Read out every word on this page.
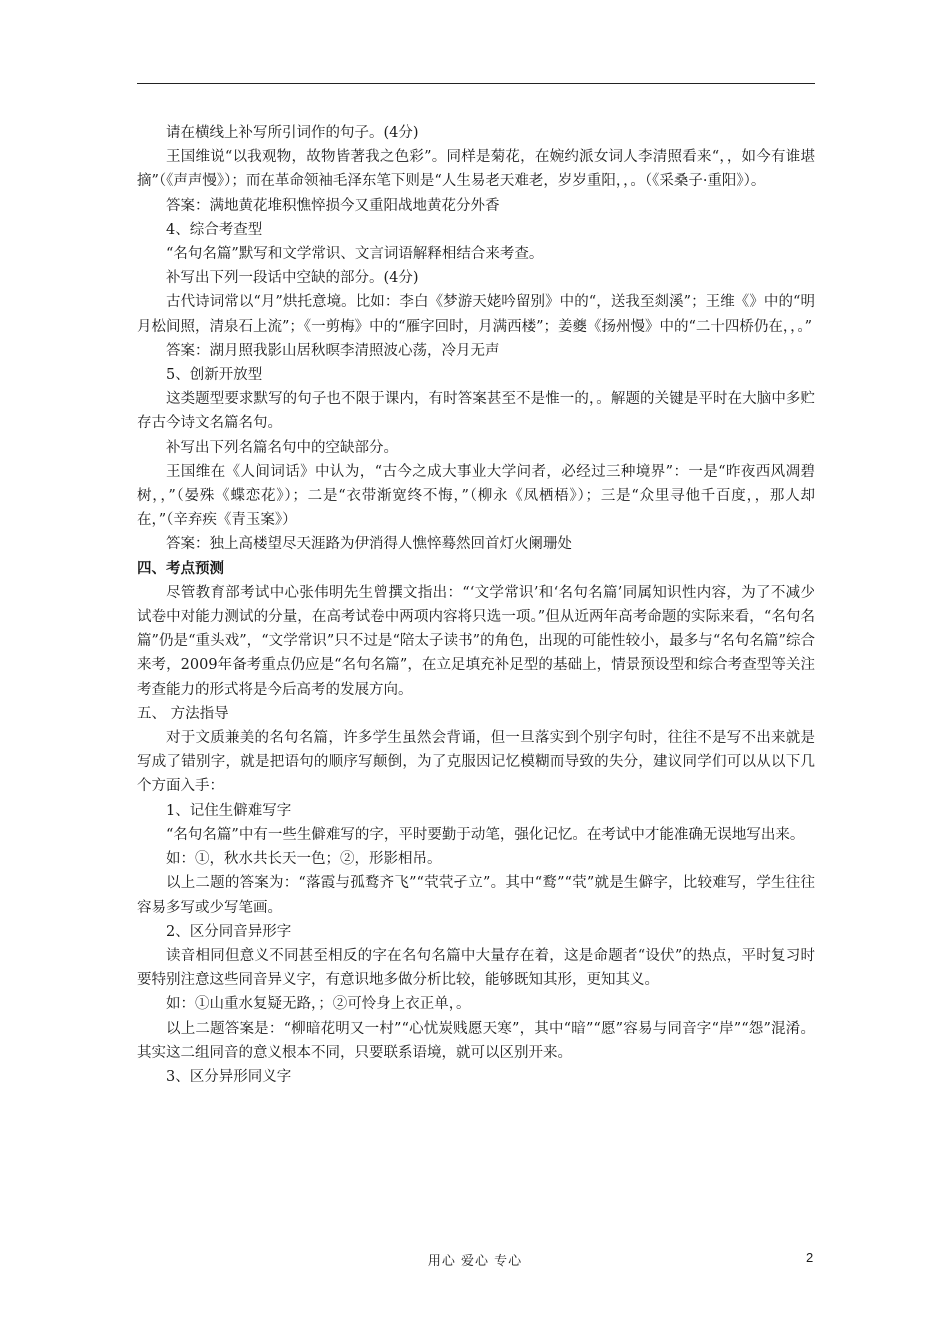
请在横线上补写所引词作的句子。(4分)

王国维说“以我观物，故物皆著我之色彩”。同样是菊花，在婉约派女词人李清照看来“，，如今有谁堪摘”（《声声慢》）；而在革命领袖毛泽东笔下则是“人生易老天难老，岁岁重阳，，。（《采桑子·重阳》）。

答案：满地黄花堆积憔悴损今又重阳战地黄花分外香

4、综合考查型

“名句名篇”默写和文学常识、文言词语解释相结合来考查。

补写出下列一段话中空缺的部分。(4分)

古代诗词常以“月”烘托意境。比如：李白《梦游天姥吟留别》中的“，送我至剡溪”；王维《》中的“明月松间照，清泉石上流”；《一剪梅》中的“雁字回时，月满西楼”；姜夔《扬州慢》中的“二十四桥仍在，，。”

答案：湖月照我影山居秋暝李清照波心荡，冷月无声

5、创新开放型

这类题型要求默写的句子也不限于课内，有时答案甚至不是惟一的，。解题的关键是平时在大脑中多贮存古今诗文名篇名句。

补写出下列名篇名句中的空缺部分。

王国维在《人间词话》中认为，“古今之成大事业大学问者，必经过三种境界”：一是“昨夜西风凋碧树，，”（晏殊《蝶恋花》）；二是“衣带渐宽终不悔，”（柳永《凤栖梧》）；三是“众里寻他千百度，，那人却在，”（辛弃疾《青玉案》）

答案：独上高楼望尽天涯路为伊消得人憔悴蓦然回首灯火阑珊处

四、考点预测

尽管教育部考试中心张伟明先生曾撰文指出：“‘文学常识’和‘名句名篇’同属知识性内容，为了不减少试卷中对能力测试的分量，在高考试卷中两项内容将只选一项。”但从近两年高考命题的实际来看，“名句名篇”仍是“重头戏”，“文学常识”只不过是“陪太子读书”的角色，出现的可能性较小，最多与“名句名篇”综合来考，2009年备考重点仍应是“名句名篇”，在立足填充补足型的基础上，情景预设型和综合考查型等关注考查能力的形式将是今后高考的发展方向。

五、 方法指导

对于文质兼美的名句名篇，许多学生虽然会背诵，但一旦落实到个别字句时，往往不是写不出来就是写成了错别字，就是把语句的顺序写颠倒，为了克服因记忆模糊而导致的失分，建议同学们可以从以下几个方面入手：

1、记住生僻难写字

“名句名篇”中有一些生僻难写的字，平时要勤于动笔，强化记忆。在考试中才能准确无误地写出来。

如：①，秋水共长天一色；②，形影相吊。

以上二题的答案为：“落霞与孤鹜齐飞”“茕茕孑立”。其中“鹜”“茕”就是生僻字，比较难写，学生往往容易多写或少写笔画。

2、区分同音异形字

读音相同但意义不同甚至相反的字在名句名篇中大量存在着，这是命题者“设伏”的热点，平时复习时要特别注意这些同音异义字，有意识地多做分析比较，能够既知其形，更知其义。

如：①山重水复疑无路，；②可怜身上衣正单，。

以上二题答案是：“柳暗花明又一村”“心忧炭贱愿天寒”，其中“暗”“愿”容易与同音字“岸”“怨”混淆。其实这二组同音的意义根本不同，只要联系语境，就可以区别开来。

3、区分异形同义字

用心 爱心 专心	2
